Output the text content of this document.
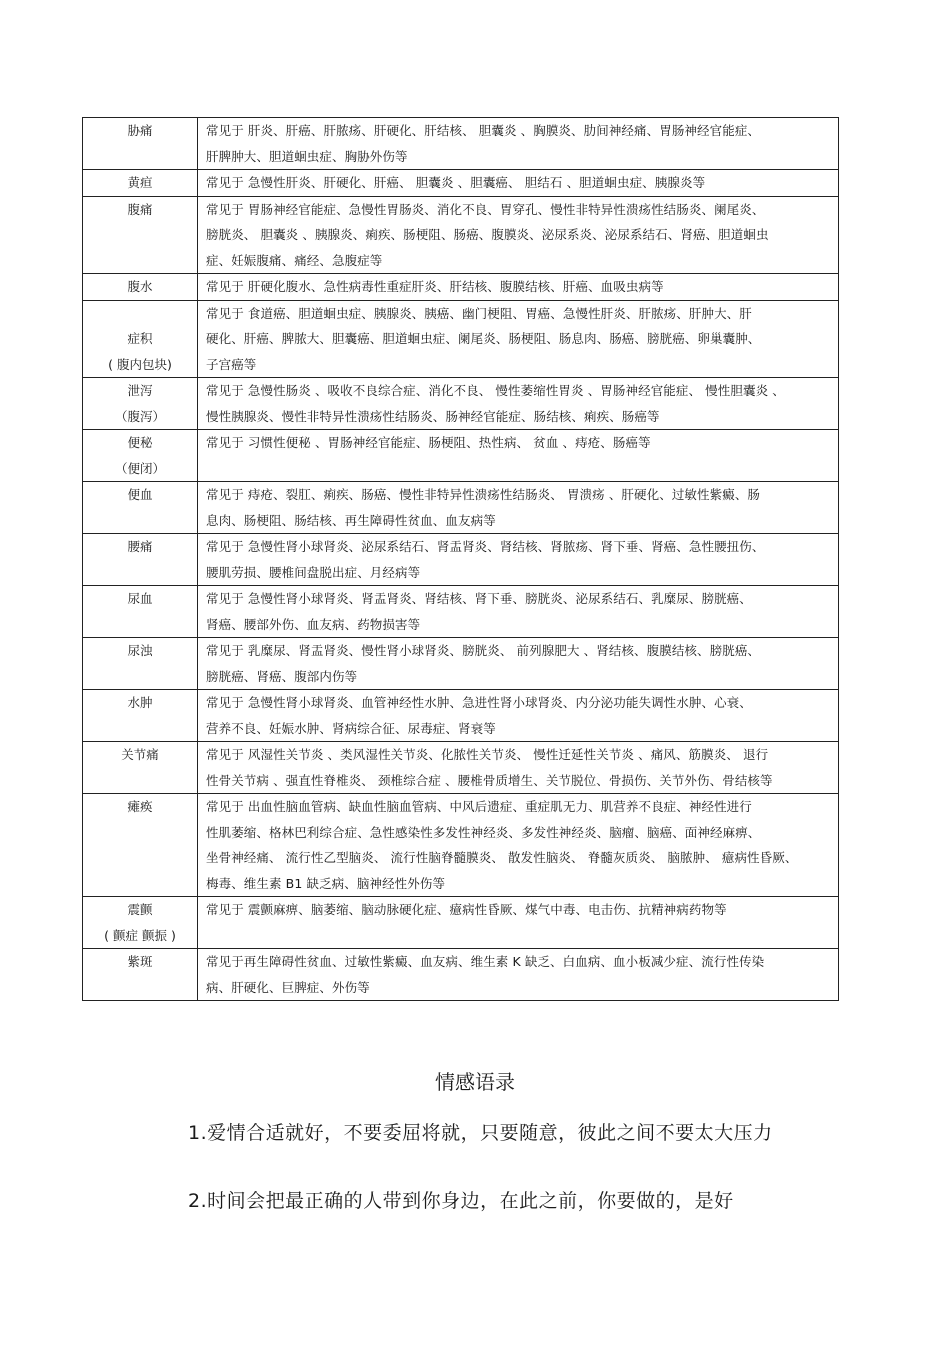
胁痛	常见于 肝炎、肝癌、肝脓疡、肝硬化、肝结核、 胆囊炎 、胸膜炎、肋间神经痛、胃肠神经官能症、
肝脾肿大、胆道蛔虫症、胸胁外伤等
黄疸	常见于 急慢性肝炎、肝硬化、肝癌、 胆囊炎 、胆囊癌、 胆结石 、胆道蛔虫症、胰腺炎等
腹痛	常见于 胃肠神经官能症、急慢性胃肠炎、消化不良、胃穿孔、慢性非特异性溃疡性结肠炎、阑尾炎、
膀胱炎、 胆囊炎 、胰腺炎、痢疾、肠梗阻、肠癌、腹膜炎、泌尿系炎、泌尿系结石、肾癌、胆道蛔虫
症、妊娠腹痛、痛经、急腹症等
腹水	常见于 肝硬化腹水、急性病毒性重症肝炎、肝结核、腹膜结核、肝癌、血吸虫病等

症积
( 腹内包块)	常见于 食道癌、胆道蛔虫症、胰腺炎、胰癌、幽门梗阻、胃癌、急慢性肝炎、肝脓疡、肝肿大、肝
硬化、肝癌、脾脓大、胆囊癌、胆道蛔虫症、阑尾炎、肠梗阻、肠息肉、肠癌、膀胱癌、卵巢囊肿、
子宫癌等
泄泻
（腹泻）	常见于 急慢性肠炎 、吸收不良综合症、消化不良、 慢性萎缩性胃炎 、胃肠神经官能症、 慢性胆囊炎 、
慢性胰腺炎、慢性非特异性溃疡性结肠炎、肠神经官能症、肠结核、痢疾、肠癌等
便秘
（便闭）	常见于 习惯性便秘 、胃肠神经官能症、肠梗阻、热性病、 贫血 、痔疮、肠癌等
便血	常见于 痔疮、裂肛、痢疾、肠癌、慢性非特异性溃疡性结肠炎、 胃溃疡 、肝硬化、过敏性紫癜、肠
息肉、肠梗阻、肠结核、再生障碍性贫血、血友病等
腰痛	常见于 急慢性肾小球肾炎、泌尿系结石、肾盂肾炎、肾结核、肾脓疡、肾下垂、肾癌、急性腰扭伤、
腰肌劳损、腰椎间盘脱出症、月经病等
尿血	常见于 急慢性肾小球肾炎、肾盂肾炎、肾结核、肾下垂、膀胱炎、泌尿系结石、乳糜尿、膀胱癌、
肾癌、腰部外伤、血友病、药物损害等
尿浊	常见于 乳糜尿、肾盂肾炎、慢性肾小球肾炎、膀胱炎、 前列腺肥大 、肾结核、腹膜结核、膀胱癌、
膀胱癌、肾癌、腹部内伤等
水肿	常见于 急慢性肾小球肾炎、血管神经性水肿、急进性肾小球肾炎、内分泌功能失调性水肿、心衰、
营养不良、妊娠水肿、肾病综合征、尿毒症、肾衰等
关节痛	常见于 风湿性关节炎 、类风湿性关节炎、化脓性关节炎、 慢性迁延性关节炎 、痛风、筋膜炎、 退行
性骨关节病 、强直性脊椎炎、 颈椎综合症 、腰椎骨质增生、关节脱位、骨损伤、关节外伤、骨结核等
瘫痪	常见于 出血性脑血管病、缺血性脑血管病、中风后遗症、重症肌无力、肌营养不良症、神经性进行
性肌萎缩、格林巴利综合症、急性感染性多发性神经炎、多发性神经炎、脑瘤、脑癌、面神经麻痹、
坐骨神经痛、 流行性乙型脑炎、 流行性脑脊髓膜炎、 散发性脑炎、 脊髓灰质炎、 脑脓肿、 癔病性昏厥、
梅毒、维生素 B1 缺乏病、脑神经性外伤等
震颤
( 颤症 颤振 )	常见于 震颤麻痹、脑萎缩、脑动脉硬化症、癔病性昏厥、煤气中毒、电击伤、抗精神病药物等
紫斑	常见于再生障碍性贫血、过敏性紫癜、血友病、维生素 K 缺乏、白血病、血小板减少症、流行性传染
病、肝硬化、巨脾症、外伤等
情感语录
1.爱情合适就好，不要委屈将就，只要随意，彼此之间不要太大压力
2.时间会把最正确的人带到你身边，在此之前，你要做的，是好
